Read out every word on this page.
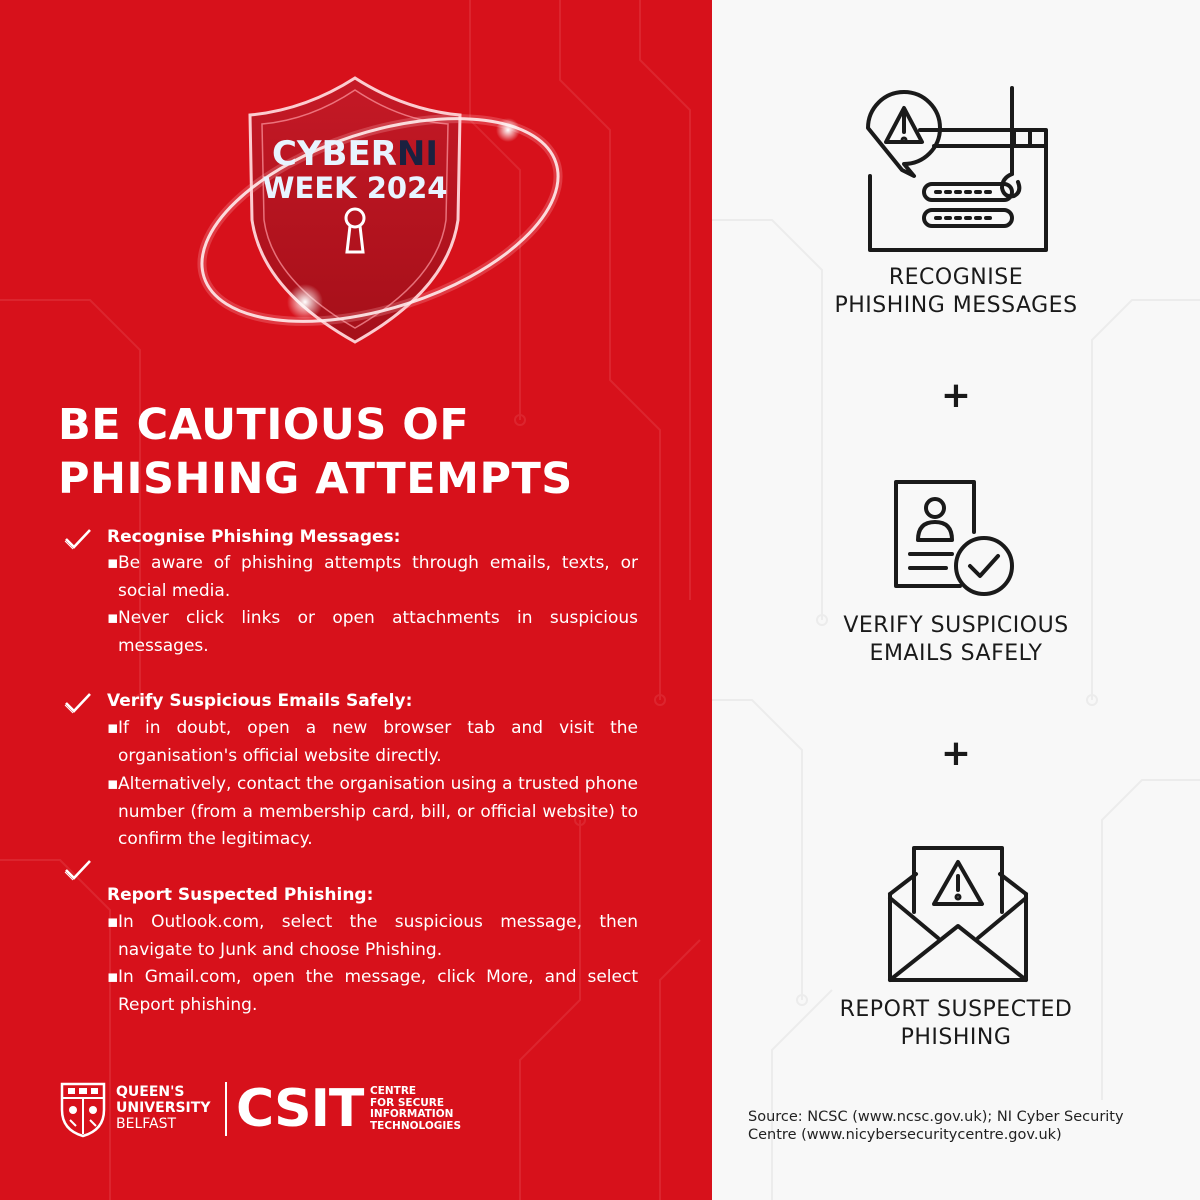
CYBERNI
WEEK 2024
BE CAUTIOUS OF
PHISHING ATTEMPTS
Recognise Phishing Messages:
▪ Be aware of phishing attempts through emails, texts, or social media.
▪ Never click links or open attachments in suspicious messages.
Verify Suspicious Emails Safely:
▪ If in doubt, open a new browser tab and visit the organisation's official website directly.
▪ Alternatively, contact the organisation using a trusted phone number (from a membership card, bill, or official website) to confirm the legitimacy.
Report Suspected Phishing:
▪ In Outlook.com, select the suspicious message, then navigate to Junk and choose Phishing.
▪ In Gmail.com, open the message, click More, and select Report phishing.
QUEEN'S
UNIVERSITY
BELFAST	CSIT CENTRE
FOR SECURE
INFORMATION
TECHNOLOGIES
RECOGNISE
PHISHING MESSAGES
+
VERIFY SUSPICIOUS
EMAILS SAFELY
+
REPORT SUSPECTED
PHISHING
Source: NCSC (www.ncsc.gov.uk); NI Cyber Security
Centre (www.nicybersecuritycentre.gov.uk)
